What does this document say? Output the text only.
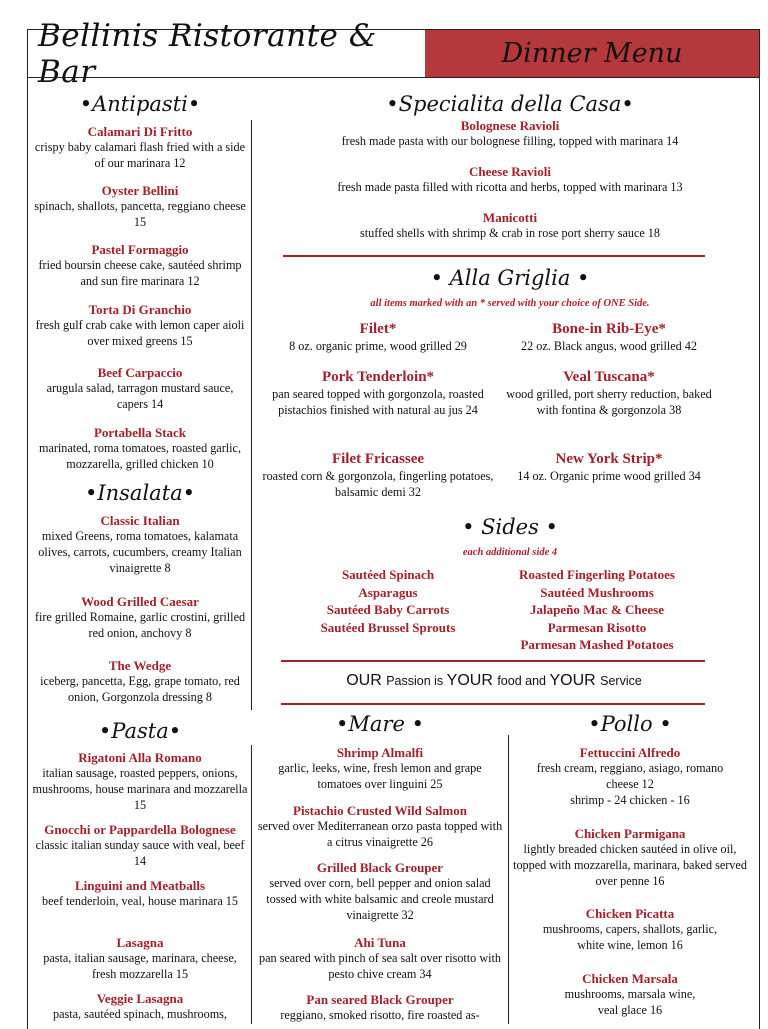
Bellinis Ristorante & Bar	Dinner Menu
•Antipasti•
Calamari Di Fritto
crispy baby calamari flash fried with a side of our marinara 12
Oyster Bellini
spinach, shallots, pancetta, reggiano cheese 15
Pastel Formaggio
fried boursin cheese cake, sautéed shrimp and sun fire marinara 12
Torta Di Granchio
fresh gulf crab cake with lemon caper aioli over mixed greens 15
Beef Carpaccio
arugula salad, tarragon mustard sauce, capers 14
Portabella Stack
marinated, roma tomatoes, roasted garlic, mozzarella, grilled chicken 10
•Insalata•
Classic Italian
mixed Greens, roma tomatoes, kalamata olives, carrots, cucumbers, creamy Italian vinaigrette 8
Wood Grilled Caesar
fire grilled Romaine, garlic crostini, grilled red onion, anchovy 8
The Wedge
iceberg, pancetta, Egg, grape tomato, red onion, Gorgonzola dressing 8
•Pasta•
Rigatoni Alla Romano
italian sausage, roasted peppers, onions, mushrooms, house marinara and mozzarella 15
Gnocchi or Pappardella Bolognese
classic italian sunday sauce with veal, beef 14
Linguini and Meatballs
beef tenderloin, veal, house marinara 15
Lasagna
pasta, italian sausage, marinara, cheese, fresh mozzarella 15
Veggie Lasagna
pasta, sautéed spinach, mushrooms,
•Specialita della Casa•
Bolognese Ravioli
fresh made pasta with our bolognese filling, topped with marinara 14
Cheese Ravioli
fresh made pasta filled with ricotta and herbs, topped with marinara 13
Manicotti
stuffed shells with shrimp & crab in rose port sherry sauce 18
• Alla Griglia •
all items marked with an * served with your choice of ONE Side.
Filet*
8 oz. organic prime, wood grilled 29
Bone-in Rib-Eye*
22 oz. Black angus, wood grilled 42
Pork Tenderloin*
pan seared topped with gorgonzola, roasted pistachios finished with natural au jus 24
Veal Tuscana*
wood grilled, port sherry reduction, baked with fontina & gorgonzola 38
Filet Fricassee
roasted corn & gorgonzola, fingerling potatoes, balsamic demi 32
New York Strip*
14 oz. Organic prime wood grilled 34
• Sides •
each additional side 4
Sautéed Spinach
Asparagus
Sautéed Baby Carrots
Sautéed Brussel Sprouts
Roasted Fingerling Potatoes
Sautéed Mushrooms
Jalapeño Mac & Cheese
Parmesan Risotto
Parmesan Mashed Potatoes
OUR Passion is YOUR food and YOUR Service
•Mare •
Shrimp Almalfi
garlic, leeks, wine, fresh lemon and grape tomatoes over linguini 25
Pistachio Crusted Wild Salmon
served over Mediterranean orzo pasta topped with a citrus vinaigrette 26
Grilled Black Grouper
served over corn, bell pepper and onion salad tossed with white balsamic and creole mustard vinaigrette 32
Ahi Tuna
pan seared with pinch of sea salt over risotto with pesto chive cream 34
Pan seared Black Grouper
reggiano, smoked risotto, fire roasted as-
•Pollo •
Fettuccini Alfredo
fresh cream, reggiano, asiago, romano cheese 12
shrimp - 24 chicken - 16
Chicken Parmigana
lightly breaded chicken sautéed in olive oil, topped with mozzarella, marinara, baked served over penne 16
Chicken Picatta
mushrooms, capers, shallots, garlic, white wine, lemon 16
Chicken Marsala
mushrooms, marsala wine, veal glace 16
